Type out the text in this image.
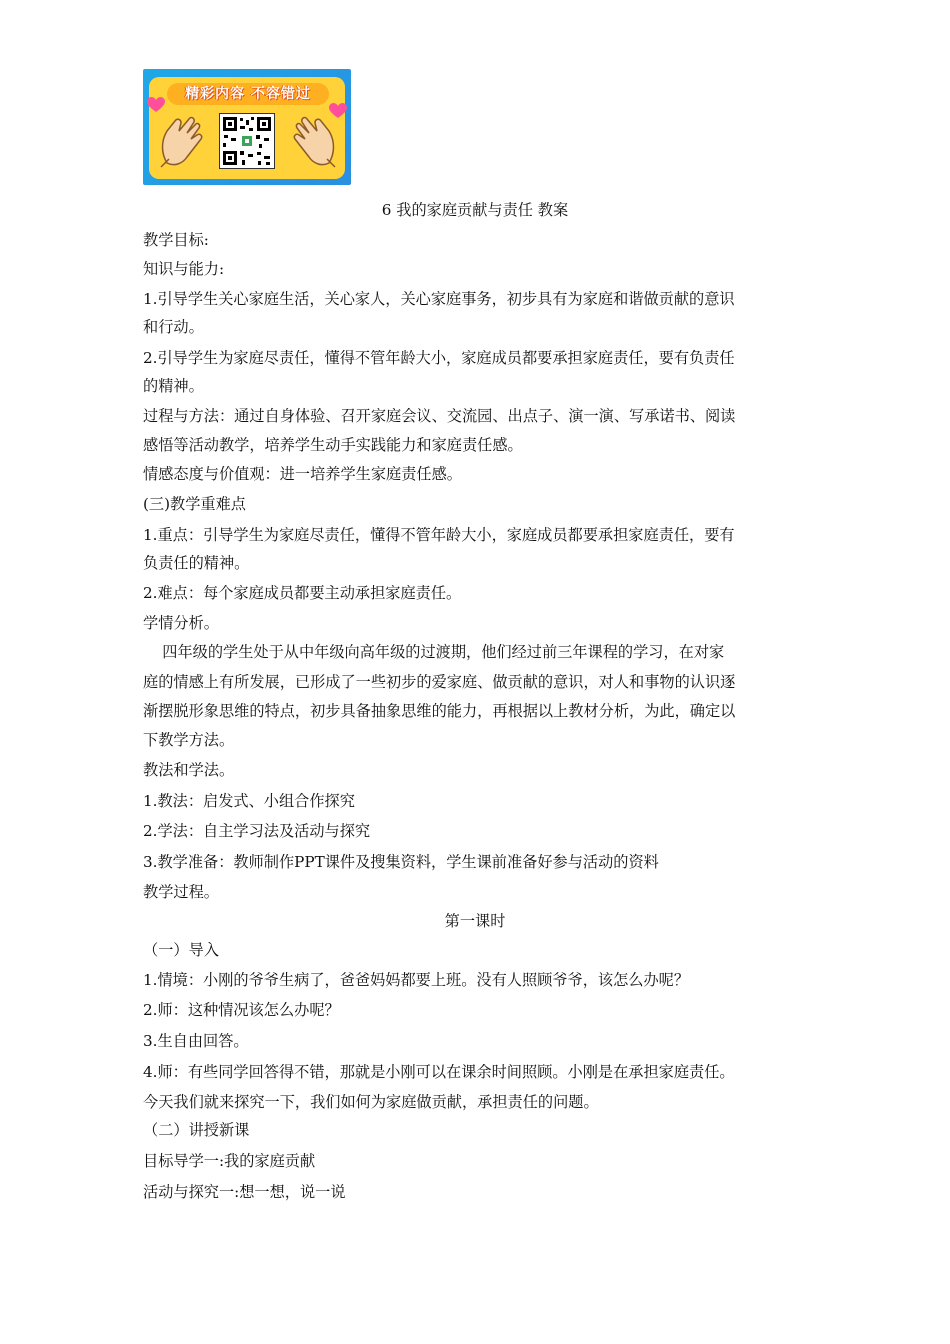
精彩内容 不容错过
6 我的家庭贡献与责任 教案

教学目标:

知识与能力:

1.引导学生关心家庭生活，关心家人，关心家庭事务，初步具有为家庭和谐做贡献的意识

和行动。

2.引导学生为家庭尽责任，懂得不管年龄大小，家庭成员都要承担家庭责任，要有负责任

的精神。

过程与方法：通过自身体验、召开家庭会议、交流园、出点子、演一演、写承诺书、阅读

感悟等活动教学，培养学生动手实践能力和家庭责任感。

情感态度与价值观：进一培养学生家庭责任感。

(三)教学重难点

1.重点：引导学生为家庭尽责任，懂得不管年龄大小，家庭成员都要承担家庭责任，要有

负责任的精神。

2.难点：每个家庭成员都要主动承担家庭责任。

学情分析。

四年级的学生处于从中年级向高年级的过渡期，他们经过前三年课程的学习，在对家

庭的情感上有所发展，已形成了一些初步的爱家庭、做贡献的意识，对人和事物的认识逐

渐摆脱形象思维的特点，初步具备抽象思维的能力，再根据以上教材分析，为此，确定以

下教学方法。

教法和学法。

1.教法：启发式、小组合作探究

2.学法：自主学习法及活动与探究

3.教学准备：教师制作PPT课件及搜集资料，学生课前准备好参与活动的资料

教学过程。

第一课时

（一）导入

1.情境：小刚的爷爷生病了，爸爸妈妈都要上班。没有人照顾爷爷，该怎么办呢？

2.师：这种情况该怎么办呢？

3.生自由回答。

4.师：有些同学回答得不错，那就是小刚可以在课余时间照顾。小刚是在承担家庭责任。

今天我们就来探究一下，我们如何为家庭做贡献，承担责任的问题。

（二）讲授新课

目标导学一:我的家庭贡献

活动与探究一:想一想，说一说
